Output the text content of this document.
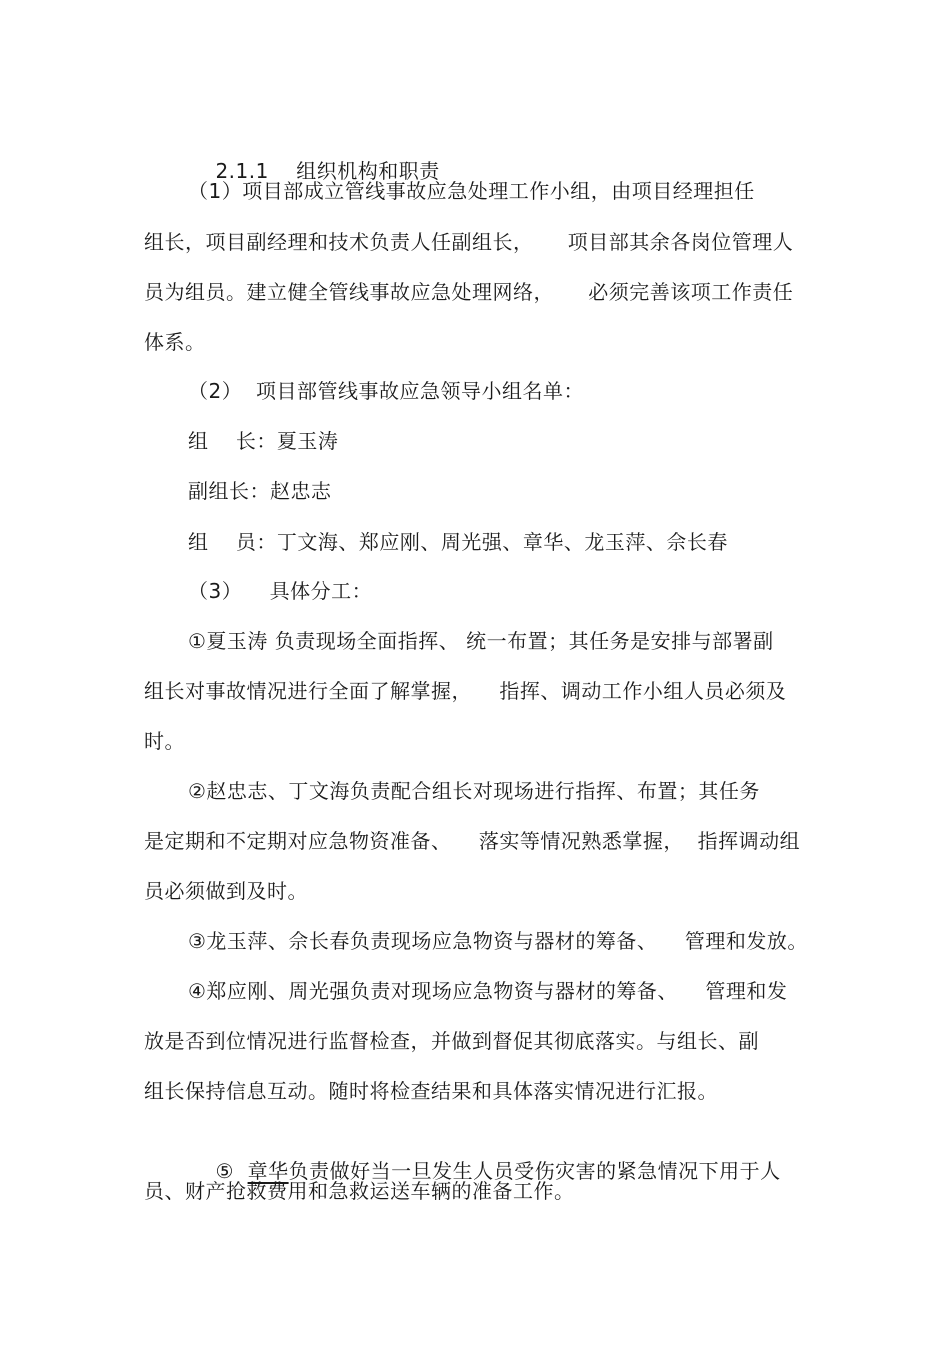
2.1.1 组织机构和职责

（1）项目部成立管线事故应急处理工作小组，由项目经理担任
组长，项目副经理和技术负责人任副组长，     项目部其余各岗位管理人
员为组员。建立健全管线事故应急处理网络，     必须完善该项工作责任
体系。
（2）  项目部管线事故应急领导小组名单：
组    长：夏玉涛
副组长：赵忠志
组    员：丁文海、郑应刚、周光强、章华、龙玉萍、佘长春
（3）    具体分工：
①夏玉涛 负责现场全面指挥、 统一布置；其任务是安排与部署副
组长对事故情况进行全面了解掌握，    指挥、调动工作小组人员必须及
时。
②赵忠志、丁文海负责配合组长对现场进行指挥、布置；其任务
是定期和不定期对应急物资准备、    落实等情况熟悉掌握，  指挥调动组
员必须做到及时。
③龙玉萍、佘长春负责现场应急物资与器材的筹备、    管理和发放。
④郑应刚、周光强负责对现场应急物资与器材的筹备、    管理和发
放是否到位情况进行监督检查，并做到督促其彻底落实。与组长、副
组长保持信息互动。随时将检查结果和具体落实情况进行汇报。

⑤  章华负责做好当一旦发生人员受伤灾害的紧急情况下用于人

员、财产抢救费用和急救运送车辆的准备工作。
